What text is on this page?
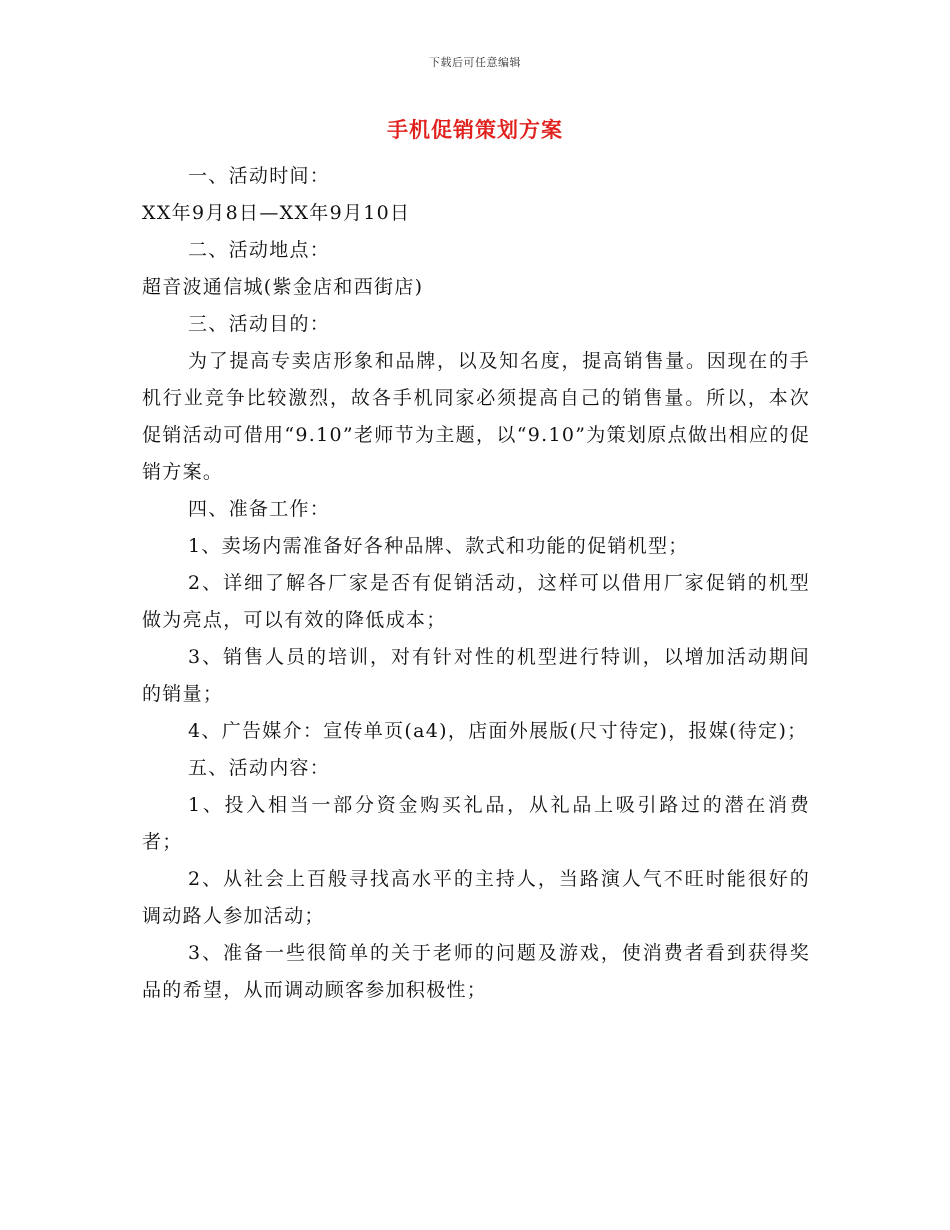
下载后可任意编辑
手机促销策划方案

一、活动时间：

XX年9月8日—XX年9月10日

二、活动地点：

超音波通信城(紫金店和西街店)

三、活动目的：

为了提高专卖店形象和品牌，以及知名度，提高销售量。因现在的手机行业竞争比较激烈，故各手机同家必须提高自己的销售量。所以，本次促销活动可借用“9.10”老师节为主题，以“9.10”为策划原点做出相应的促销方案。

四、准备工作：

1、卖场内需准备好各种品牌、款式和功能的促销机型；

2、详细了解各厂家是否有促销活动，这样可以借用厂家促销的机型做为亮点，可以有效的降低成本；

3、销售人员的培训，对有针对性的机型进行特训，以增加活动期间的销量；

4、广告媒介：宣传单页(a4)，店面外展版(尺寸待定)，报媒(待定)；

五、活动内容：

1、投入相当一部分资金购买礼品，从礼品上吸引路过的潜在消费者；

2、从社会上百般寻找高水平的主持人，当路演人气不旺时能很好的调动路人参加活动；

3、准备一些很简单的关于老师的问题及游戏，使消费者看到获得奖品的希望，从而调动顾客参加积极性；
